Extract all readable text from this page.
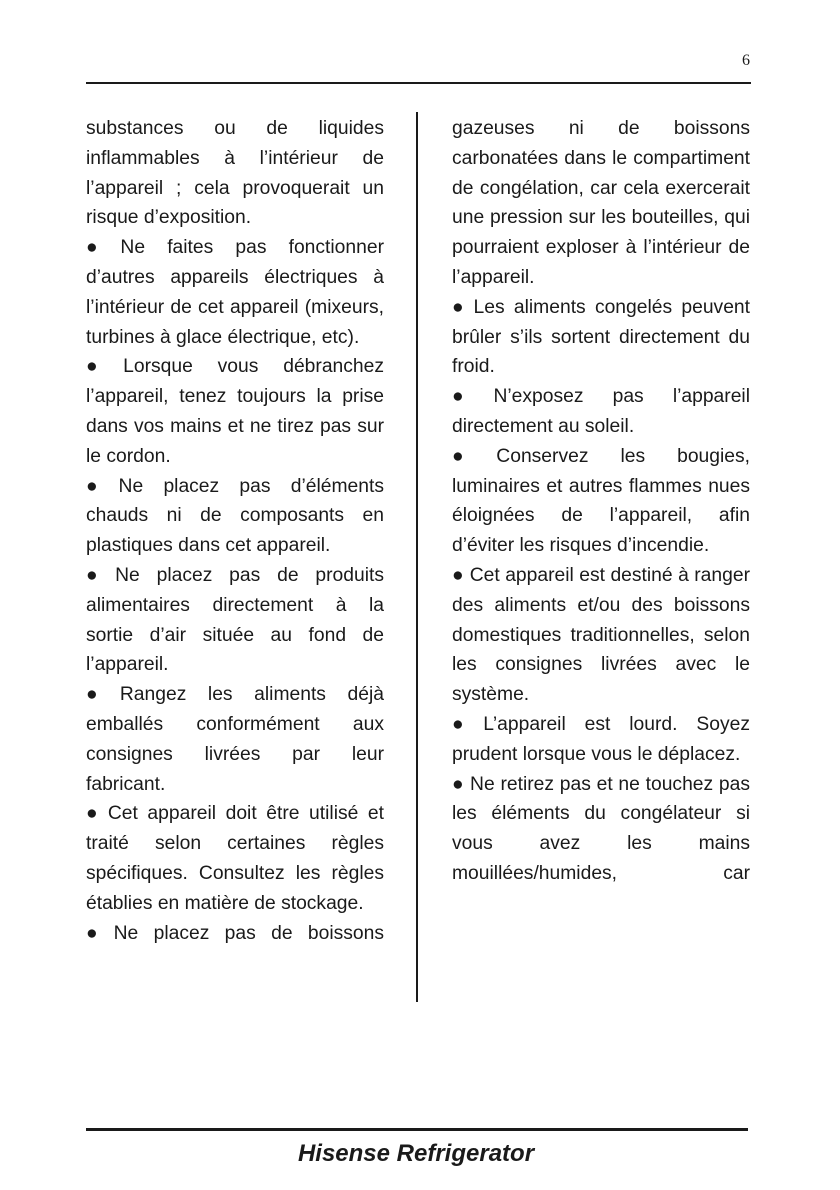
6

substances ou de liquides inflammables à l’intérieur de l’appareil ; cela provoquerait un risque d’exposition.

● Ne faites pas fonctionner d’autres appareils électriques à l’intérieur de cet appareil (mixeurs, turbines à glace électrique, etc).

● Lorsque vous débranchez l’appareil, tenez toujours la prise dans vos mains et ne tirez pas sur le cordon.

● Ne placez pas d’éléments chauds ni de composants en plastiques dans cet appareil.

● Ne placez pas de produits alimentaires directement à la sortie d’air située au fond de l’appareil.

● Rangez les aliments déjà emballés conformément aux consignes livrées par leur fabricant.

● Cet appareil doit être utilisé et traité selon certaines règles spécifiques. Consultez les règles établies en matière de stockage.

● Ne placez pas de boissons

gazeuses ni de boissons carbonatées dans le compartiment de congélation, car cela exercerait une pression sur les bouteilles, qui pourraient exploser à l’intérieur de l’appareil.

● Les aliments congelés peuvent brûler s’ils sortent directement du froid.

● N’exposez pas l’appareil directement au soleil.

● Conservez les bougies, luminaires et autres flammes nues éloignées de l’appareil, afin d’éviter les risques d’incendie.

● Cet appareil est destiné à ranger des aliments et/ou des boissons domestiques traditionnelles, selon les consignes livrées avec le système.

● L’appareil est lourd. Soyez prudent lorsque vous le déplacez.

● Ne retirez pas et ne touchez pas les éléments du congélateur si vous avez les mains mouillées/humides, car

Hisense Refrigerator
